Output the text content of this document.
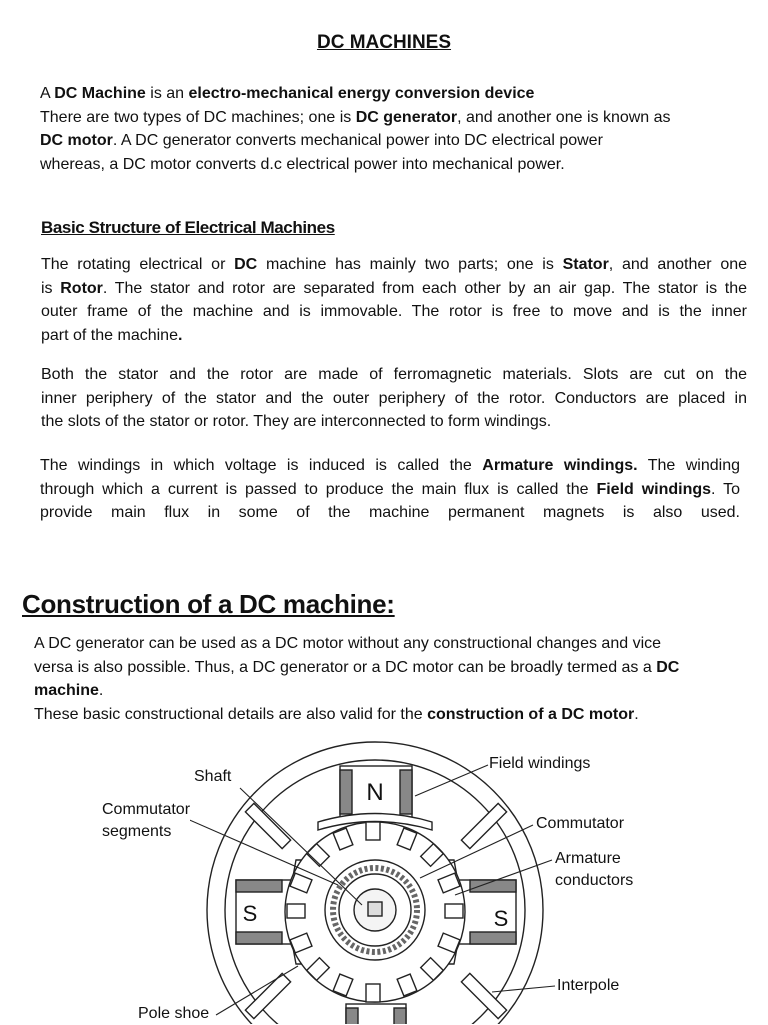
DC MACHINES
A DC Machine is an electro-mechanical energy conversion device
There are two types of DC machines; one is DC generator, and another one is known as
DC motor. A DC generator converts mechanical power into DC electrical power
whereas, a DC motor converts d.c electrical power into mechanical power.
Basic Structure of Electrical Machines
The rotating electrical or DC machine has mainly two parts; one is Stator, and another one
is Rotor. The stator and rotor are separated from each other by an air gap. The stator is the
outer frame of the machine and is immovable. The rotor is free to move and is the inner
part of the machine.
Both the stator and the rotor are made of ferromagnetic materials. Slots are cut on the
inner periphery of the stator and the outer periphery of the rotor. Conductors are placed in
the slots of the stator or rotor. They are interconnected to form windings.
The windings in which voltage is induced is called the Armature windings. The winding
through which a current is passed to produce the main flux is called the Field windings. To
provide main flux in some of the machine permanent magnets is also used.
Construction of a DC machine:
A DC generator can be used as a DC motor without any constructional changes and vice
versa is also possible. Thus, a DC generator or a DC motor can be broadly termed as a DC
machine.
These basic constructional details are also valid for the construction of a DC motor.
Shaft
Commutator
segments
Field windings
Commutator
Armature
conductors
Interpole
Pole shoe
N
S	S
